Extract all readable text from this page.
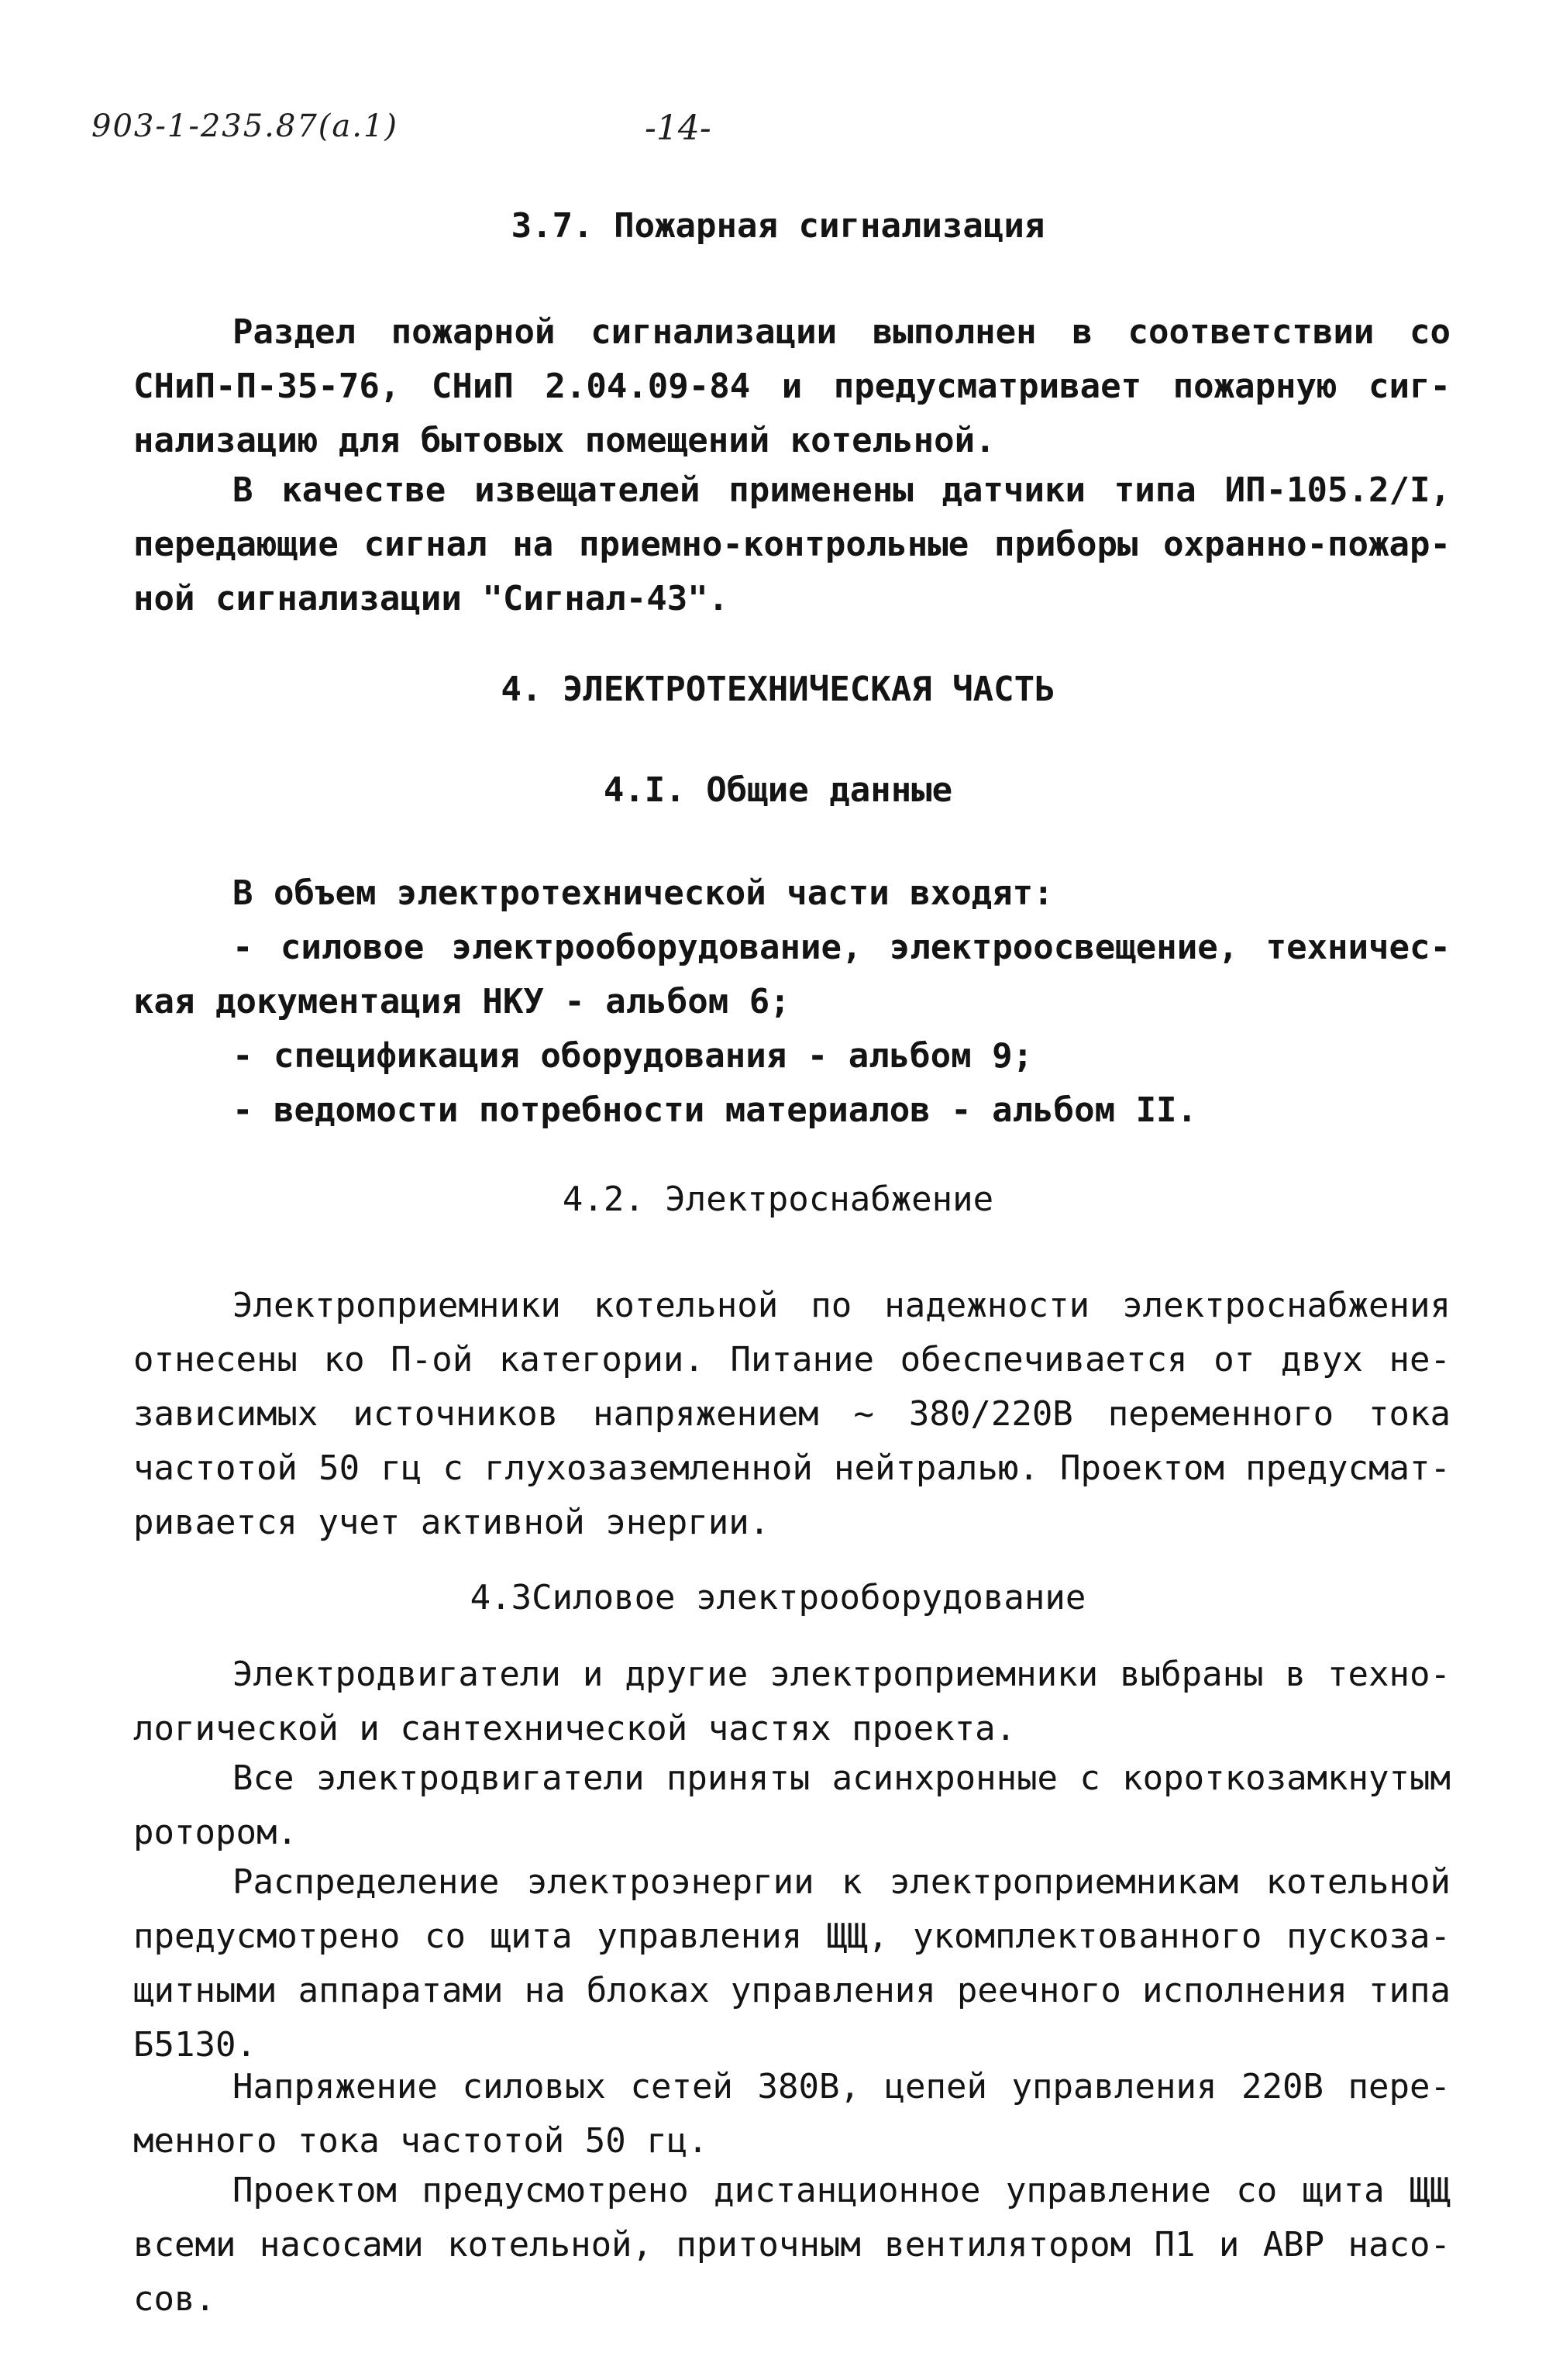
903-1-235.87(а.1)	-14-
3.7. Пожарная сигнализация
Раздел пожарной сигнализации выполнен в соответствии со
СНиП-П-35-76, СНиП 2.04.09-84 и предусматривает пожарную сиг-
нализацию для бытовых помещений котельной.
В качестве извещателей применены датчики типа ИП-105.2/I,
передающие сигнал на приемно-контрольные приборы охранно-пожар-
ной сигнализации "Сигнал-43".
4. ЭЛЕКТРОТЕХНИЧЕСКАЯ ЧАСТЬ
4.I. Общие данные
В объем электротехнической части входят:
- силовое электрооборудование, электроосвещение, техничес-
кая документация НКУ - альбом 6;
- спецификация оборудования - альбом 9;
- ведомости потребности материалов - альбом II.
4.2. Электроснабжение
Электроприемники котельной по надежности электроснабжения
отнесены ко П-ой категории. Питание обеспечивается от двух не-
зависимых источников напряжением ~ 380/220В переменного тока
частотой 50 гц с глухозаземленной нейтралью. Проектом предусмат-
ривается учет активной энергии.
4.3Силовое электрооборудование
Электродвигатели и другие электроприемники выбраны в техно-
логической и сантехнической частях проекта.
Все электродвигатели приняты асинхронные с короткозамкнутым
ротором.
Распределение электроэнергии к электроприемникам котельной
предусмотрено со щита управления ЩЩ, укомплектованного пускоза-
щитными аппаратами на блоках управления реечного исполнения типа
Б5130.
Напряжение силовых сетей 380В, цепей управления 220В пере-
менного тока частотой 50 гц.
Проектом предусмотрено дистанционное управление со щита ЩЩ
всеми насосами котельной, приточным вентилятором П1 и АВР насо-
сов.
